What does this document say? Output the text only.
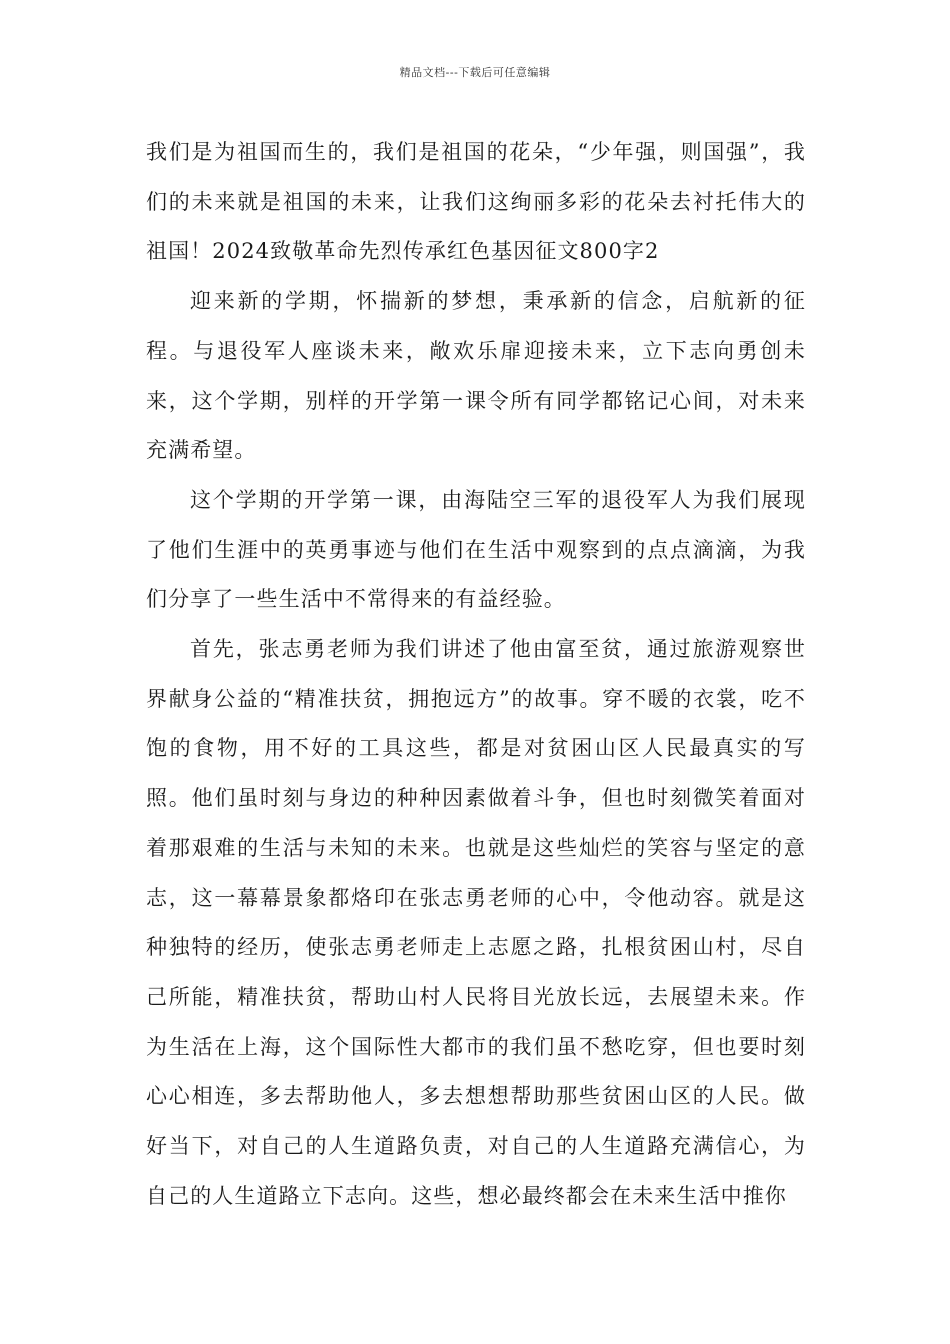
精品文档---下载后可任意编辑

我们是为祖国而生的，我们是祖国的花朵，“少年强，则国强”，我们的未来就是祖国的未来，让我们这绚丽多彩的花朵去衬托伟大的祖国！2024致敬革命先烈传承红色基因征文800字2

迎来新的学期，怀揣新的梦想，秉承新的信念，启航新的征程。与退役军人座谈未来，敞欢乐扉迎接未来，立下志向勇创未来，这个学期，别样的开学第一课令所有同学都铭记心间，对未来充满希望。

这个学期的开学第一课，由海陆空三军的退役军人为我们展现了他们生涯中的英勇事迹与他们在生活中观察到的点点滴滴，为我们分享了一些生活中不常得来的有益经验。

首先，张志勇老师为我们讲述了他由富至贫，通过旅游观察世界献身公益的“精准扶贫，拥抱远方”的故事。穿不暖的衣裳，吃不饱的食物，用不好的工具这些，都是对贫困山区人民最真实的写照。他们虽时刻与身边的种种因素做着斗争，但也时刻微笑着面对着那艰难的生活与未知的未来。也就是这些灿烂的笑容与坚定的意志，这一幕幕景象都烙印在张志勇老师的心中，令他动容。就是这种独特的经历，使张志勇老师走上志愿之路，扎根贫困山村，尽自己所能，精准扶贫，帮助山村人民将目光放长远，去展望未来。作为生活在上海，这个国际性大都市的我们虽不愁吃穿，但也要时刻心心相连，多去帮助他人，多去想想帮助那些贫困山区的人民。做好当下，对自己的人生道路负责，对自己的人生道路充满信心，为自己的人生道路立下志向。这些，想必最终都会在未来生活中推你
